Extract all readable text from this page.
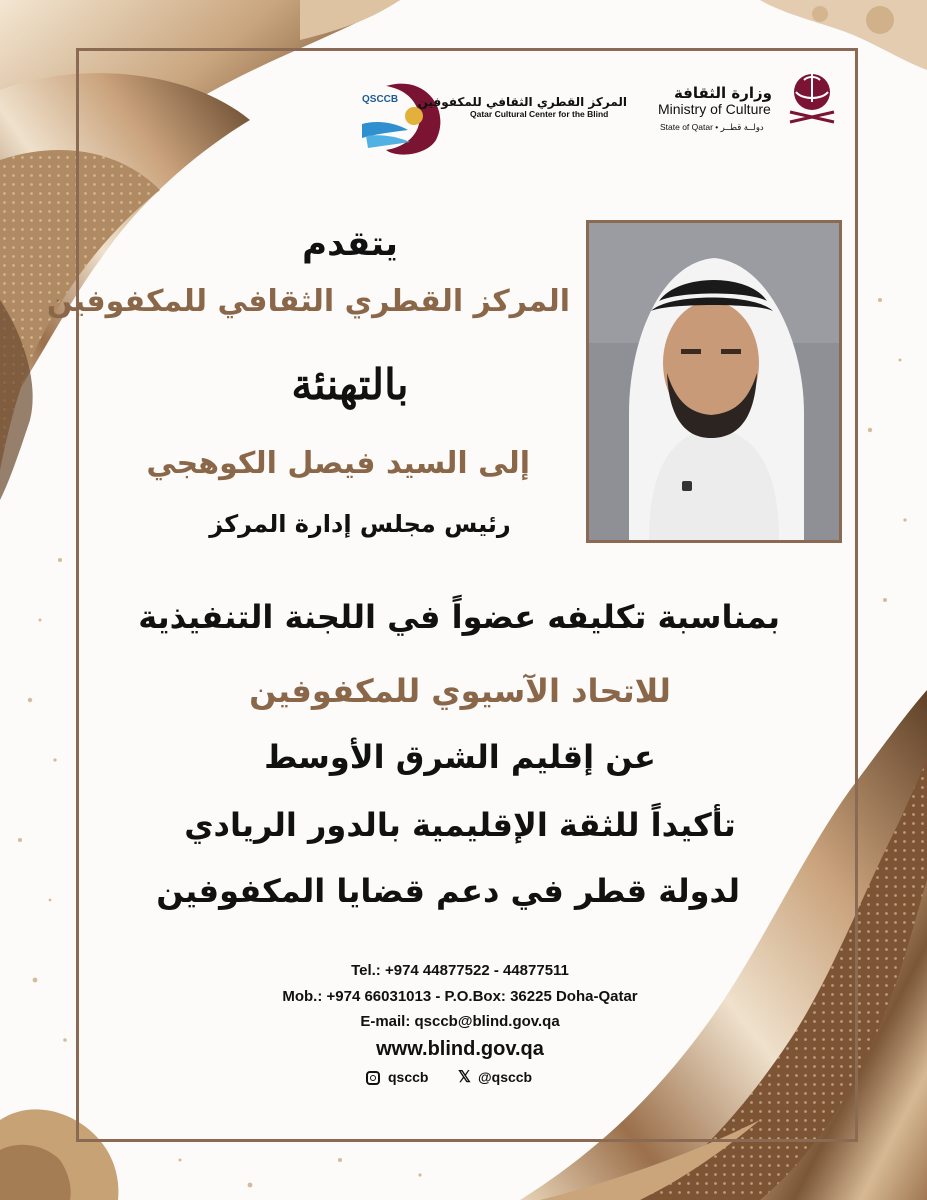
QSCCB المركز القطري الثقافي للمكفوفين
Qatar Cultural Center for the Blind
وزارة الثقافة
Ministry of Culture
State of Qatar • دولــة قطــر
يتقدم
المركز القطري الثقافي للمكفوفين
بالتهنئة
إلى السيد فيصل الكوهجي
رئيس مجلس إدارة المركز
بمناسبة تكليفه عضواً في اللجنة التنفيذية
للاتحاد الآسيوي للمكفوفين
عن إقليم الشرق الأوسط
تأكيداً للثقة الإقليمية بالدور الريادي
لدولة قطر في دعم قضايا المكفوفين
Tel.: +974 44877522 - 44877511
Mob.: +974 66031013 - P.O.Box: 36225 Doha-Qatar
E-mail: qsccb@blind.gov.qa
www.blind.gov.qa
qsccb 𝕏 @qsccb
